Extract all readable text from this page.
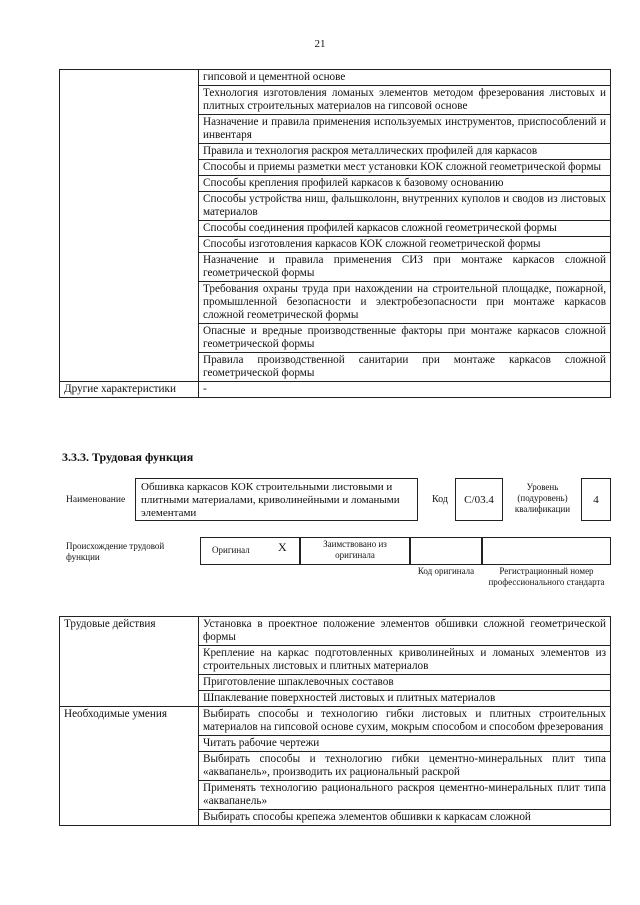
21
	гипсовой и цементной основе
	Технология изготовления ломаных элементов методом фрезерования листовых и плитных строительных материалов на гипсовой основе
	Назначение и правила применения используемых инструментов, приспособлений и инвентаря
	Правила и технология раскроя металлических профилей для каркасов
	Способы и приемы разметки мест установки КОК сложной геометрической формы
	Способы крепления профилей каркасов к базовому основанию
	Способы устройства ниш, фальшколонн, внутренних куполов и сводов из листовых материалов
	Способы соединения профилей каркасов сложной геометрической формы
	Способы изготовления каркасов КОК сложной геометрической формы
	Назначение и правила применения СИЗ при монтаже каркасов сложной геометрической формы
	Требования охраны труда при нахождении на строительной площадке, пожарной, промышленной безопасности и электробезопасности при монтаже каркасов сложной геометрической формы
	Опасные и вредные производственные факторы при монтаже каркасов сложной геометрической формы
	Правила производственной санитарии при монтаже каркасов сложной геометрической формы
Другие характеристики	-
3.3.3. Трудовая функция
Наименование
Обшивка каркасов КОК строительными листовыми и плитными материалами, криволинейными и ломаными элементами
Код	С/03.4
Уровень (подуровень) квалификации
4
Происхождение трудовой функции
Оригинал X	Заимствовано из оригинала
Код оригинала	Регистрационный номер профессионального стандарта
Трудовые действия	Установка в проектное положение элементов обшивки сложной геометрической формы
	Крепление на каркас подготовленных криволинейных и ломаных элементов из строительных листовых и плитных материалов
	Приготовление шпаклевочных составов
	Шпаклевание поверхностей листовых и плитных материалов
Необходимые умения	Выбирать способы и технологию гибки листовых и плитных строительных материалов на гипсовой основе сухим, мокрым способом и способом фрезерования
	Читать рабочие чертежи
	Выбирать способы и технологию гибки цементно-минеральных плит типа «аквапанель», производить их рациональный раскрой
	Применять технологию рационального раскроя цементно-минеральных плит типа «аквапанель»
	Выбирать способы крепежа элементов обшивки к каркасам сложной
